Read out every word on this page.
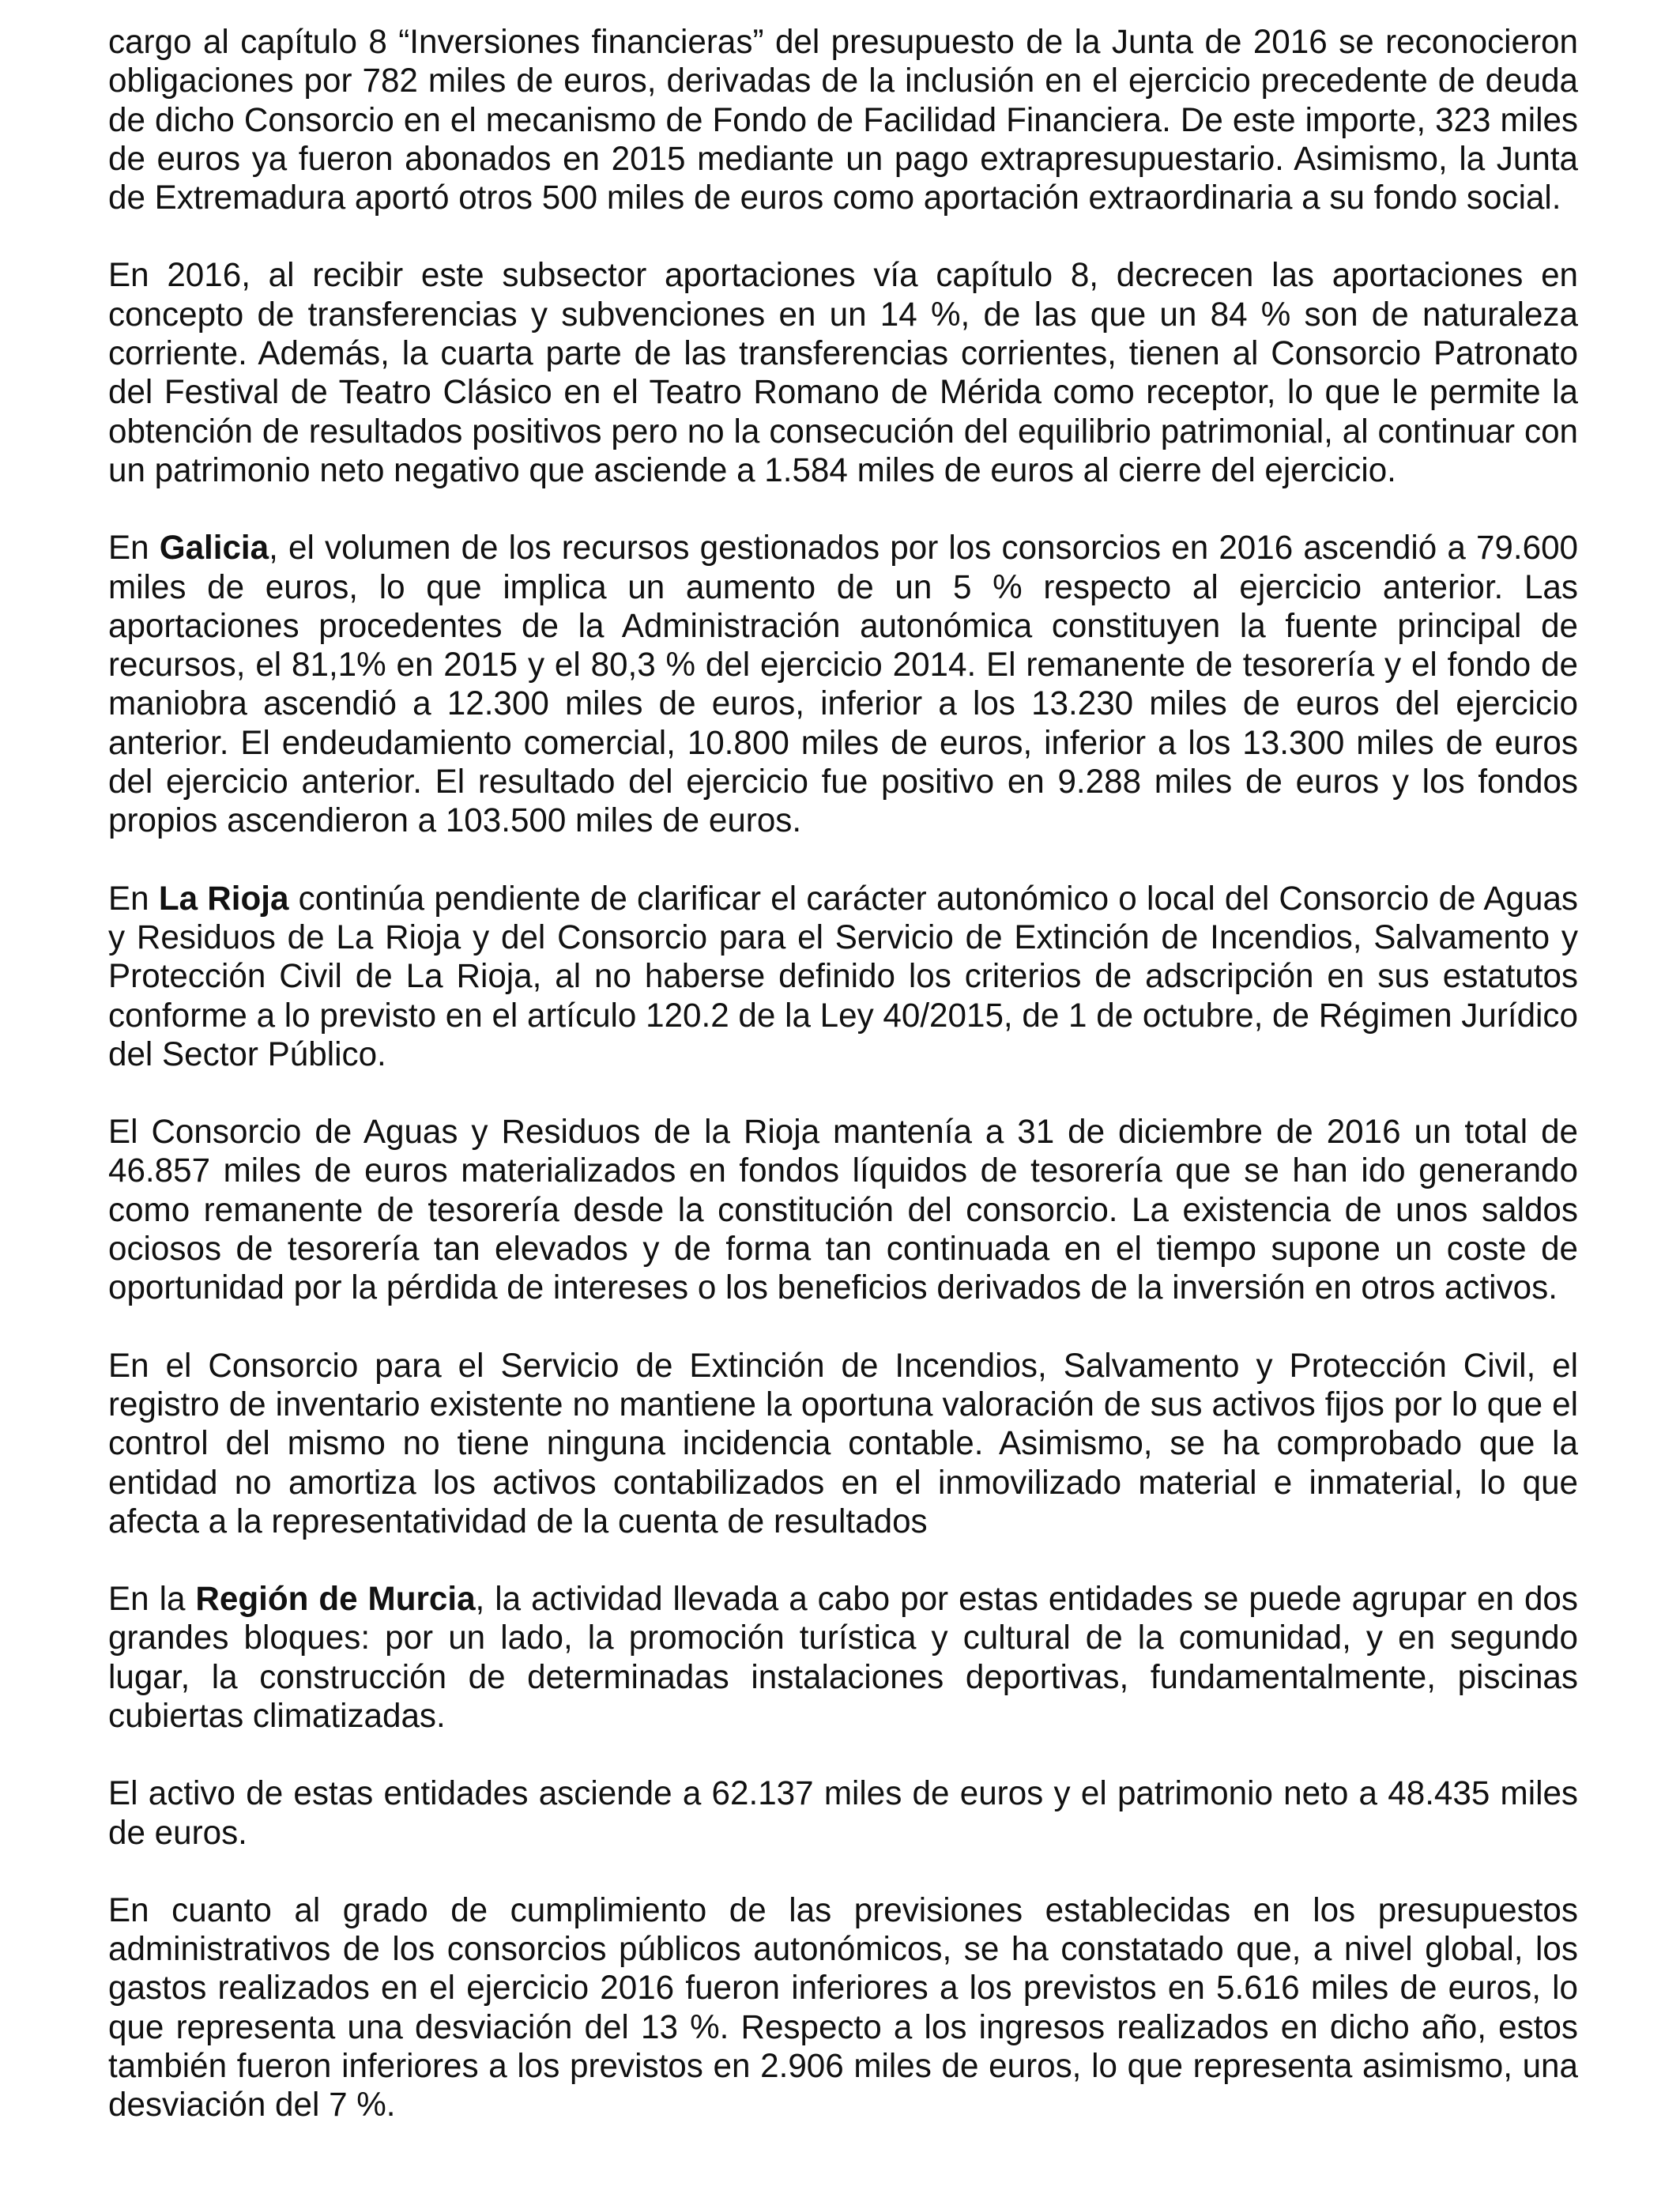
cargo al capítulo 8 “Inversiones financieras” del presupuesto de la Junta de 2016 se reconocieron obligaciones por 782 miles de euros, derivadas de la inclusión en el ejercicio precedente de deuda de dicho Consorcio en el mecanismo de Fondo de Facilidad Financiera. De este importe, 323 miles de euros ya fueron abonados en 2015 mediante un pago extrapresupuestario. Asimismo, la Junta de Extremadura aportó otros 500 miles de euros como aportación extraordinaria a su fondo social.

En 2016, al recibir este subsector aportaciones vía capítulo 8, decrecen las aportaciones en concepto de transferencias y subvenciones en un 14 %, de las que un 84 % son de naturaleza corriente. Además, la cuarta parte de las transferencias corrientes, tienen al Consorcio Patronato del Festival de Teatro Clásico en el Teatro Romano de Mérida como receptor, lo que le permite la obtención de resultados positivos pero no la consecución del equilibrio patrimonial, al continuar con un patrimonio neto negativo que asciende a 1.584 miles de euros al cierre del ejercicio.

En Galicia, el volumen de los recursos gestionados por los consorcios en 2016 ascendió a 79.600 miles de euros, lo que implica un aumento de un 5 % respecto al ejercicio anterior. Las aportaciones procedentes de la Administración autonómica constituyen la fuente principal de recursos, el 81,1% en 2015 y el 80,3 % del ejercicio 2014. El remanente de tesorería y el fondo de maniobra ascendió a 12.300 miles de euros, inferior a los 13.230 miles de euros del ejercicio anterior. El endeudamiento comercial, 10.800 miles de euros, inferior a los 13.300 miles de euros del ejercicio anterior. El resultado del ejercicio fue positivo en 9.288 miles de euros y los fondos propios ascendieron a 103.500 miles de euros.

En La Rioja continúa pendiente de clarificar el carácter autonómico o local del Consorcio de Aguas y Residuos de La Rioja y del Consorcio para el Servicio de Extinción de Incendios, Salvamento y Protección Civil de La Rioja, al no haberse definido los criterios de adscripción en sus estatutos conforme a lo previsto en el artículo 120.2 de la Ley 40/2015, de 1 de octubre, de Régimen Jurídico del Sector Público.

El Consorcio de Aguas y Residuos de la Rioja mantenía a 31 de diciembre de 2016 un total de 46.857 miles de euros materializados en fondos líquidos de tesorería que se han ido generando como remanente de tesorería desde la constitución del consorcio. La existencia de unos saldos ociosos de tesorería tan elevados y de forma tan continuada en el tiempo supone un coste de oportunidad por la pérdida de intereses o los beneficios derivados de la inversión en otros activos.

En el Consorcio para el Servicio de Extinción de Incendios, Salvamento y Protección Civil, el registro de inventario existente no mantiene la oportuna valoración de sus activos fijos por lo que el control del mismo no tiene ninguna incidencia contable. Asimismo, se ha comprobado que la entidad no amortiza los activos contabilizados en el inmovilizado material e inmaterial, lo que afecta a la representatividad de la cuenta de resultados

En la Región de Murcia, la actividad llevada a cabo por estas entidades se puede agrupar en dos grandes bloques: por un lado, la promoción turística y cultural de la comunidad, y en segundo lugar, la construcción de determinadas instalaciones deportivas, fundamentalmente, piscinas cubiertas climatizadas.

El activo de estas entidades asciende a 62.137 miles de euros y el patrimonio neto a 48.435 miles de euros.

En cuanto al grado de cumplimiento de las previsiones establecidas en los presupuestos administrativos de los consorcios públicos autonómicos, se ha constatado que, a nivel global, los gastos realizados en el ejercicio 2016 fueron inferiores a los previstos en 5.616 miles de euros, lo que representa una desviación del 13 %. Respecto a los ingresos realizados en dicho año, estos también fueron inferiores a los previstos en 2.906 miles de euros, lo que representa asimismo, una desviación del 7 %.
